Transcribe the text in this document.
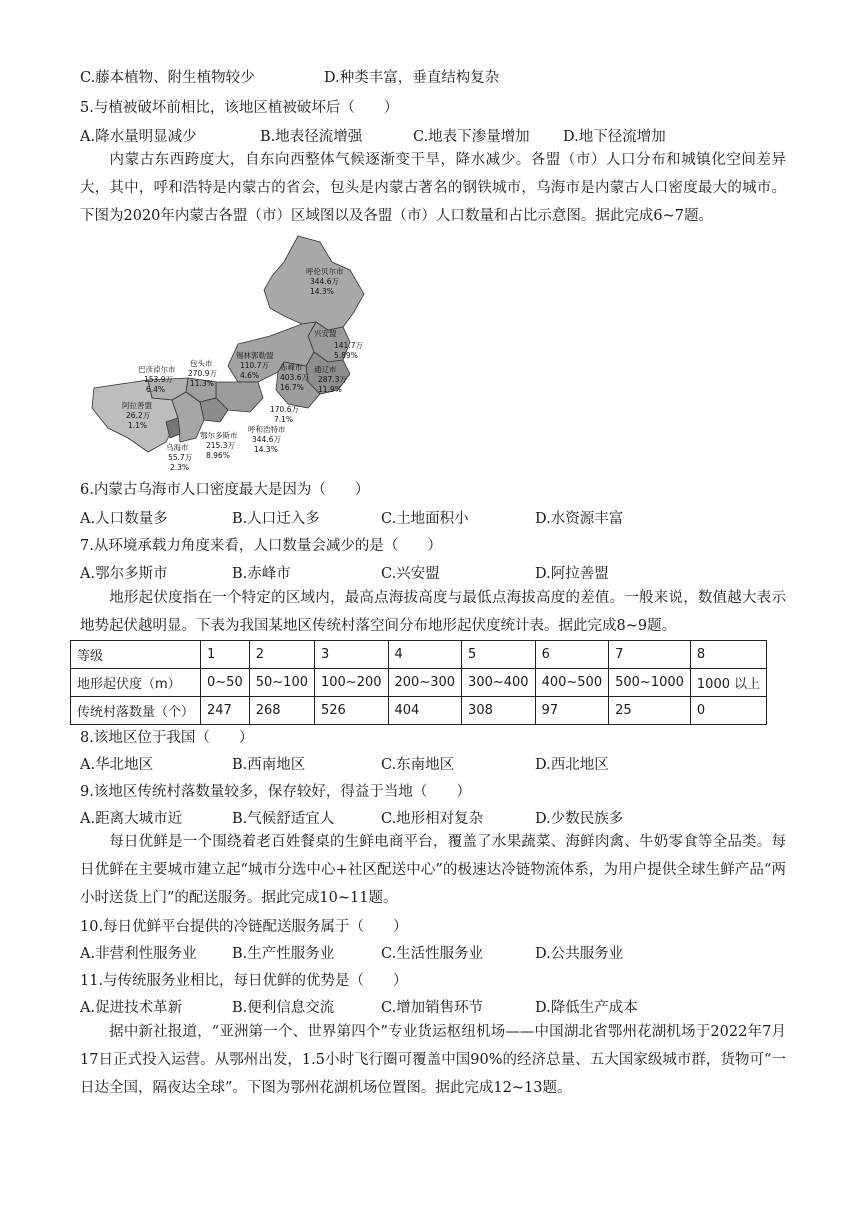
C.藤本植物、附生植物较少	D.种类丰富，垂直结构复杂
5.与植被破坏前相比，该地区植被破坏后（　　）
A.降水量明显减少	B.地表径流增强	C.地表下渗量增加 D.地下径流增加
内蒙古东西跨度大，自东向西整体气候逐渐变干旱，降水减少。各盟（市）人口分布和城镇化空间差异大，其中，呼和浩特是内蒙古的省会，包头是内蒙古著名的钢铁城市，乌海市是内蒙古人口密度最大的城市。下图为2020年内蒙古各盟（市）区域图以及各盟（市）人口数量和占比示意图。据此完成6~7题。
呼伦贝尔市
344.6万
14.3%
兴安盟
141.7万
5.89%
通辽市
287.3万
11.9%
赤峰市
403.6万
16.7%
锡林郭勒盟
110.7万
4.6%
包头市
270.9万
11.3%
巴彦淖尔市
153.9万
6.4%
阿拉善盟
26.2万
1.1%
170.6万
7.1%
呼和浩特市
344.6万
14.3%
鄂尔多斯市
215.3万
8.96%
乌海市
55.7万
2.3%
6.内蒙古乌海市人口密度最大是因为（　　）
A.人口数量多	B.人口迁入多	C.土地面积小	D.水资源丰富
7.从环境承载力角度来看，人口数量会减少的是（　　）
A.鄂尔多斯市	B.赤峰市	C.兴安盟	D.阿拉善盟
地形起伏度指在一个特定的区域内，最高点海拔高度与最低点海拔高度的差值。一般来说，数值越大表示地势起伏越明显。下表为我国某地区传统村落空间分布地形起伏度统计表。据此完成8~9题。
等级	1	2	3	4	5	6	7	8
地形起伏度（m）	0~50	50~100	100~200	200~300	300~400	400~500	500~1000	1000 以上
传统村落数量（个）	247	268	526	404	308	97	25	0
8.该地区位于我国（　　）
A.华北地区	B.西南地区	C.东南地区	D.西北地区
9.该地区传统村落数量较多，保存较好，得益于当地（　　）
A.距离大城市近	B.气候舒适宜人	C.地形相对复杂	D.少数民族多
每日优鲜是一个围绕着老百姓餐桌的生鲜电商平台，覆盖了水果蔬菜、海鲜肉禽、牛奶零食等全品类。每日优鲜在主要城市建立起“城市分选中心+社区配送中心”的极速达冷链物流体系，为用户提供全球生鲜产品“两小时送货上门”的配送服务。据此完成10~11题。
10.每日优鲜平台提供的冷链配送服务属于（　　）
A.非营利性服务业 B.生产性服务业	C.生活性服务业	D.公共服务业
11.与传统服务业相比，每日优鲜的优势是（　　）
A.促进技术革新	B.便利信息交流	C.增加销售环节	D.降低生产成本
据中新社报道，“亚洲第一个、世界第四个”专业货运枢纽机场——中国湖北省鄂州花湖机场于2022年7月17日正式投入运营。从鄂州出发，1.5小时飞行圈可覆盖中国90%的经济总量、五大国家级城市群，货物可“一日达全国，隔夜达全球”。下图为鄂州花湖机场位置图。据此完成12~13题。
